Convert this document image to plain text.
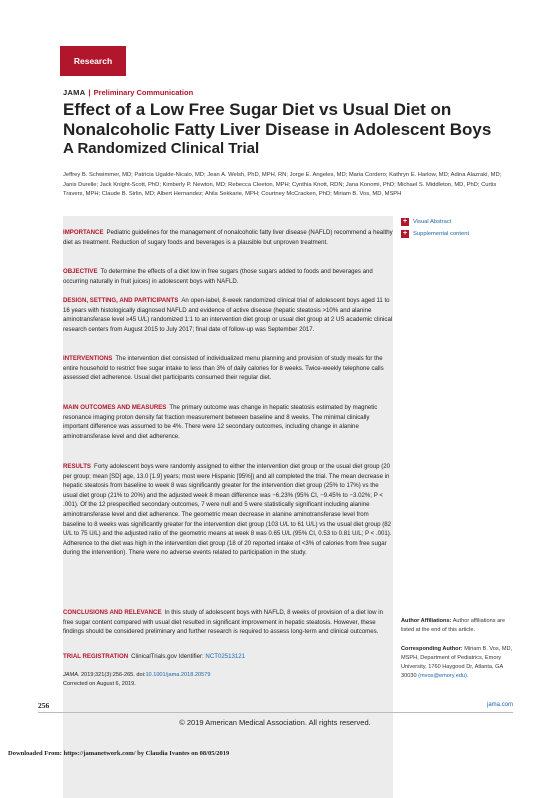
Research
JAMA | Preliminary Communication
Effect of a Low Free Sugar Diet vs Usual Diet on Nonalcoholic Fatty Liver Disease in Adolescent Boys
A Randomized Clinical Trial

Jeffrey B. Schwimmer, MD; Patricia Ugalde-Nicalo, MD; Jean A. Welsh, PhD, MPH, RN; Jorge E. Angeles, MD; Maria Cordero; Kathryn E. Harlow, MD; Adina Alazraki, MD; Janis Durelle; Jack Knight-Scott, PhD; Kimberly P. Newton, MD; Rebecca Cleeton, MPH; Cynthia Knott, RDN; Jana Konomi, PhD; Michael S. Middleton, MD, PhD; Curtis Travers, MPH; Claude B. Sirlin, MD; Albert Hernandez; Ahila Sekkarie, MPH; Courtney McCracken, PhD; Miriam B. Vos, MD, MSPH

IMPORTANCE Pediatric guidelines for the management of nonalcoholic fatty liver disease (NAFLD) recommend a healthy diet as treatment. Reduction of sugary foods and beverages is a plausible but unproven treatment.

OBJECTIVE To determine the effects of a diet low in free sugars (those sugars added to foods and beverages and occurring naturally in fruit juices) in adolescent boys with NAFLD.

DESIGN, SETTING, AND PARTICIPANTS An open-label, 8-week randomized clinical trial of adolescent boys aged 11 to 16 years with histologically diagnosed NAFLD and evidence of active disease (hepatic steatosis >10% and alanine aminotransferase level ≥45 U/L) randomized 1:1 to an intervention diet group or usual diet group at 2 US academic clinical research centers from August 2015 to July 2017; final date of follow-up was September 2017.

INTERVENTIONS The intervention diet consisted of individualized menu planning and provision of study meals for the entire household to restrict free sugar intake to less than 3% of daily calories for 8 weeks. Twice-weekly telephone calls assessed diet adherence. Usual diet participants consumed their regular diet.

MAIN OUTCOMES AND MEASURES The primary outcome was change in hepatic steatosis estimated by magnetic resonance imaging proton density fat fraction measurement between baseline and 8 weeks. The minimal clinically important difference was assumed to be 4%. There were 12 secondary outcomes, including change in alanine aminotransferase level and diet adherence.

RESULTS Forty adolescent boys were randomly assigned to either the intervention diet group or the usual diet group (20 per group; mean [SD] age, 13.0 [1.9] years; most were Hispanic [95%]) and all completed the trial. The mean decrease in hepatic steatosis from baseline to week 8 was significantly greater for the intervention diet group (25% to 17%) vs the usual diet group (21% to 20%) and the adjusted week 8 mean difference was −6.23% (95% CI, −9.45% to −3.02%; P < .001). Of the 12 prespecified secondary outcomes, 7 were null and 5 were statistically significant including alanine aminotransferase level and diet adherence. The geometric mean decrease in alanine aminotransferase level from baseline to 8 weeks was significantly greater for the intervention diet group (103 U/L to 61 U/L) vs the usual diet group (82 U/L to 75 U/L) and the adjusted ratio of the geometric means at week 8 was 0.65 U/L (95% CI, 0.53 to 0.81 U/L; P < .001). Adherence to the diet was high in the intervention diet group (18 of 20 reported intake of <3% of calories from free sugar during the intervention). There were no adverse events related to participation in the study.

CONCLUSIONS AND RELEVANCE In this study of adolescent boys with NAFLD, 8 weeks of provision of a diet low in free sugar content compared with usual diet resulted in significant improvement in hepatic steatosis. However, these findings should be considered preliminary and further research is required to assess long-term and clinical outcomes.

TRIAL REGISTRATION ClinicalTrials.gov Identifier: NCT02513121

JAMA. 2019;321(3):256-265. doi:10.1001/jama.2018.20579
Corrected on August 6, 2019.

+	Visual Abstract
+	Supplemental content

Author Affiliations: Author affiliations are listed at the end of this article.

Corresponding Author: Miriam B. Vos, MD, MSPH, Department of Pediatrics, Emory University, 1760 Haygood Dr, Atlanta, GA 30030 (mvos@emory.edu).

256	jama.com
© 2019 American Medical Association. All rights reserved.
Downloaded From: https://jamanetwork.com/ by Claudia Ivantes on 08/05/2019
